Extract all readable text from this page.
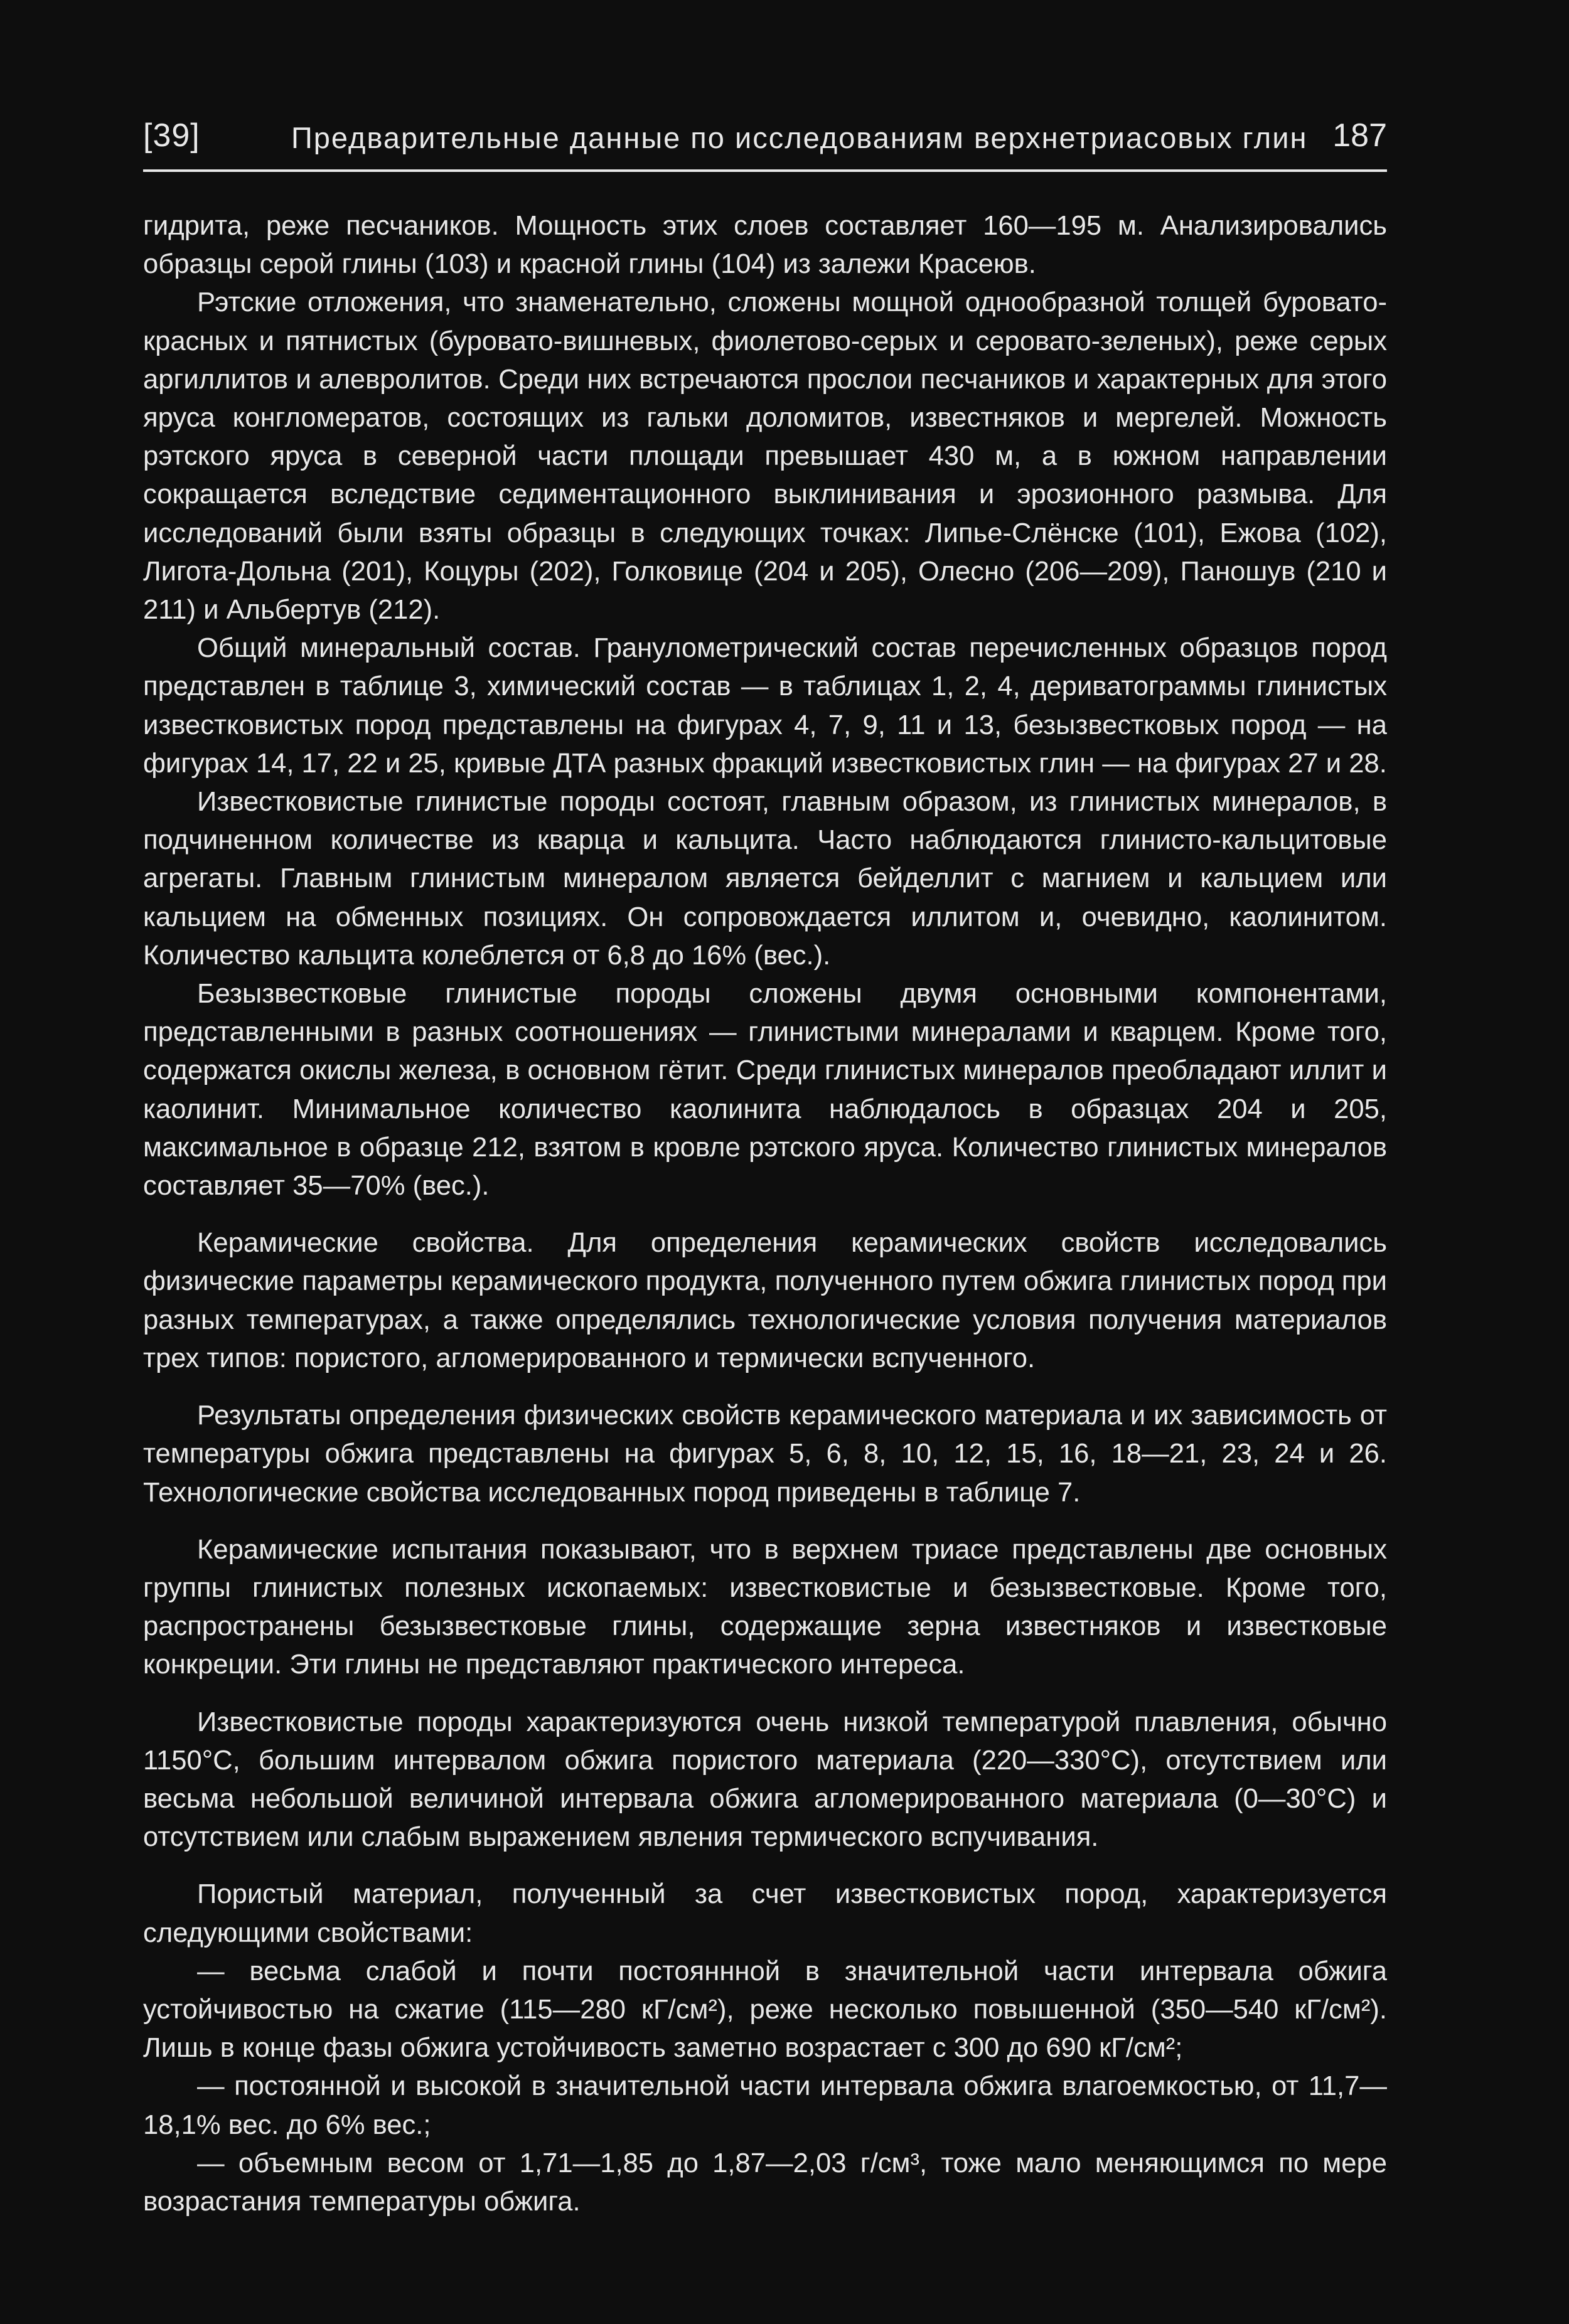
[39]	Предварительные данные по исследованиям верхнетриасовых глин 187

гидрита, реже песчаников. Мощность этих слоев составляет 160—195 м. Анализировались образцы серой глины (103) и красной глины (104) из залежи Красеюв.

Рэтские отложения, что знаменательно, сложены мощной однообразной толщей буровато-красных и пятнистых (буровато-вишневых, фиолетово-серых и серовато-зеленых), реже серых аргиллитов и алевролитов. Среди них встречаются прослои песчаников и характерных для этого яруса конгломератов, состоящих из гальки доломитов, известняков и мергелей. Можность рэтского яруса в северной части площади превышает 430 м, а в южном направлении сокращается вследствие седиментационного выклинивания и эрозионного размыва. Для исследований были взяты образцы в следующих точках: Липье-Слёнске (101), Ежова (102), Лигота-Дольна (201), Коцуры (202), Голковице (204 и 205), Олесно (206—209), Паношув (210 и 211) и Альбертув (212).

Общий минеральный состав. Гранулометрический состав перечисленных образцов пород представлен в таблице 3, химический состав — в таблицах 1, 2, 4, дериватограммы глинистых известковистых пород представлены на фигурах 4, 7, 9, 11 и 13, безызвестковых пород — на фигурах 14, 17, 22 и 25, кривые ДТА разных фракций известковистых глин — на фигурах 27 и 28.

Известковистые глинистые породы состоят, главным образом, из глинистых минералов, в подчиненном количестве из кварца и кальцита. Часто наблюдаются глинисто-кальцитовые агрегаты. Главным глинистым минералом является бейделлит с магнием и кальцием или кальцием на обменных позициях. Он сопровождается иллитом и, очевидно, каолинитом. Количество кальцита колеблется от 6,8 до 16% (вес.).

Безызвестковые глинистые породы сложены двумя основными компонентами, представленными в разных соотношениях — глинистыми минералами и кварцем. Кроме того, содержатся окислы железа, в основном гётит. Среди глинистых минералов преобладают иллит и каолинит. Минимальное количество каолинита наблюдалось в образцах 204 и 205, максимальное в образце 212, взятом в кровле рэтского яруса. Количество глинистых минералов составляет 35—70% (вес.).

Керамические свойства. Для определения керамических свойств исследовались физические параметры керамического продукта, полученного путем обжига глинистых пород при разных температурах, а также определялись технологические условия получения материалов трех типов: пористого, агломерированного и термически вспученного.

Результаты определения физических свойств керамического материала и их зависимость от температуры обжига представлены на фигурах 5, 6, 8, 10, 12, 15, 16, 18—21, 23, 24 и 26. Технологические свойства исследованных пород приведены в таблице 7.

Керамические испытания показывают, что в верхнем триасе представлены две основных группы глинистых полезных ископаемых: известковистые и безызвестковые. Кроме того, распространены безызвестковые глины, содержащие зерна известняков и известковые конкреции. Эти глины не представляют практического интереса.

Известковистые породы характеризуются очень низкой температурой плавления, обычно 1150°С, большим интервалом обжига пористого материала (220—330°С), отсутствием или весьма небольшой величиной интервала обжига агломерированного материала (0—30°С) и отсутствием или слабым выражением явления термического вспучивания.

Пористый материал, полученный за счет известковистых пород, характеризуется следующими свойствами:

— весьма слабой и почти постояннной в значительной части интервала обжига устойчивостью на сжатие (115—280 кГ/см²), реже несколько повышенной (350—540 кГ/см²). Лишь в конце фазы обжига устойчивость заметно возрастает с 300 до 690 кГ/см²;

— постоянной и высокой в значительной части интервала обжига влагоемкостью, от 11,7—18,1% вес. до 6% вес.;

— объемным весом от 1,71—1,85 до 1,87—2,03 г/см³, тоже мало меняющимся по мере возрастания температуры обжига.
